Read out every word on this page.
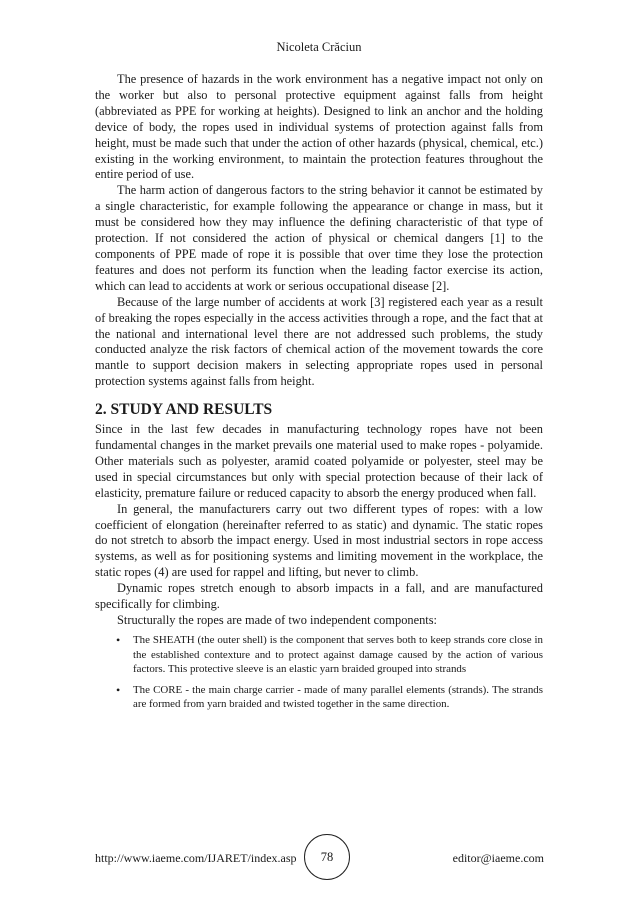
Nicoleta Crăciun

The presence of hazards in the work environment has a negative impact not only on the worker but also to personal protective equipment against falls from height (abbreviated as PPE for working at heights). Designed to link an anchor and the holding device of body, the ropes used in individual systems of protection against falls from height, must be made such that under the action of other hazards (physical, chemical, etc.) existing in the working environment, to maintain the protection features throughout the entire period of use.

The harm action of dangerous factors to the string behavior it cannot be estimated by a single characteristic, for example following the appearance or change in mass, but it must be considered how they may influence the defining characteristic of that type of protection. If not considered the action of physical or chemical dangers [1] to the components of PPE made of rope it is possible that over time they lose the protection features and does not perform its function when the leading factor exercise its action, which can lead to accidents at work or serious occupational disease [2].

Because of the large number of accidents at work [3] registered each year as a result of breaking the ropes especially in the access activities through a rope, and the fact that at the national and international level there are not addressed such problems, the study conducted analyze the risk factors of chemical action of the movement towards the core mantle to support decision makers in selecting appropriate ropes used in personal protection systems against falls from height.

2. STUDY AND RESULTS

Since in the last few decades in manufacturing technology ropes have not been fundamental changes in the market prevails one material used to make ropes - polyamide. Other materials such as polyester, aramid coated polyamide or polyester, steel may be used in special circumstances but only with special protection because of their lack of elasticity, premature failure or reduced capacity to absorb the energy produced when fall.

In general, the manufacturers carry out two different types of ropes: with a low coefficient of elongation (hereinafter referred to as static) and dynamic. The static ropes do not stretch to absorb the impact energy. Used in most industrial sectors in rope access systems, as well as for positioning systems and limiting movement in the workplace, the static ropes (4) are used for rappel and lifting, but never to climb.

Dynamic ropes stretch enough to absorb impacts in a fall, and are manufactured specifically for climbing.

Structurally the ropes are made of two independent components:

• The SHEATH (the outer shell) is the component that serves both to keep strands core close in the established contexture and to protect against damage caused by the action of various factors. This protective sleeve is an elastic yarn braided grouped into strands
• The CORE - the main charge carrier - made of many parallel elements (strands). The strands are formed from yarn braided and twisted together in the same direction.
http://www.iaeme.com/IJARET/index.asp 78	editor@iaeme.com
